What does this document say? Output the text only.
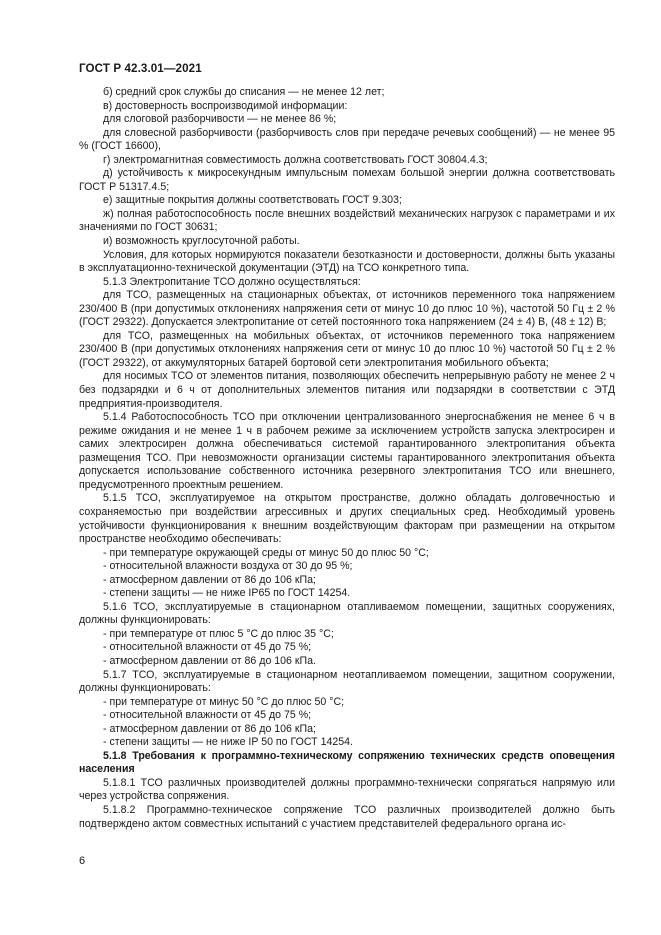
ГОСТ Р 42.3.01—2021

б) средний срок службы до списания — не менее 12 лет;

в) достоверность воспроизводимой информации:

для слоговой разборчивости — не менее 86 %;

для словесной разборчивости (разборчивость слов при передаче речевых сообщений) — не менее 95 % (ГОСТ 16600),

г) электромагнитная совместимость должна соответствовать ГОСТ 30804.4.3;

д) устойчивость к микросекундным импульсным помехам большой энергии должна соответствовать ГОСТ Р 51317.4.5;

е) защитные покрытия должны соответствовать ГОСТ 9.303;

ж) полная работоспособность после внешних воздействий механических нагрузок с параметрами и их значениями по ГОСТ 30631;

и) возможность круглосуточной работы.

Условия, для которых нормируются показатели безотказности и достоверности, должны быть указаны в эксплуатационно-технической документации (ЭТД) на ТСО конкретного типа.

5.1.3 Электропитание ТСО должно осуществляться:

для ТСО, размещенных на стационарных объектах, от источников переменного тока напряжением 230/400 В (при допустимых отклонениях напряжения сети от минус 10 до плюс 10 %), частотой 50 Гц ± 2 % (ГОСТ 29322). Допускается электропитание от сетей постоянного тока напряжением (24 ± 4) В, (48 ± 12) В;

для ТСО, размещенных на мобильных объектах, от источников переменного тока напряжением 230/400 В (при допустимых отклонениях напряжения сети от минус 10 до плюс 10 %) частотой 50 Гц ± 2 % (ГОСТ 29322), от аккумуляторных батарей бортовой сети электропитания мобильного объекта;

для носимых ТСО от элементов питания, позволяющих обеспечить непрерывную работу не менее 2 ч без подзарядки и 6 ч от дополнительных элементов питания или подзарядки в соответствии с ЭТД предприятия-производителя.

5.1.4 Работоспособность ТСО при отключении централизованного энергоснабжения не менее 6 ч в режиме ожидания и не менее 1 ч в рабочем режиме за исключением устройств запуска электросирен и самих электросирен должна обеспечиваться системой гарантированного электропитания объекта размещения ТСО. При невозможности организации системы гарантированного электропитания объекта допускается использование собственного источника резервного электропитания ТСО или внешнего, предусмотренного проектным решением.

5.1.5 ТСО, эксплуатируемое на открытом пространстве, должно обладать долговечностью и сохраняемостью при воздействии агрессивных и других специальных сред. Необходимый уровень устойчивости функционирования к внешним воздействующим факторам при размещении на открытом пространстве необходимо обеспечивать:

- при температуре окружающей среды от минус 50 до плюс 50 °С;

- относительной влажности воздуха от 30 до 95 %;

- атмосферном давлении от 86 до 106 кПа;

- степени защиты — не ниже IP65 по ГОСТ 14254.

5.1.6 ТСО, эксплуатируемые в стационарном отапливаемом помещении, защитных сооружениях, должны функционировать:

- при температуре от плюс 5 °С до плюс 35 °С;

- относительной влажности от 45 до 75 %;

- атмосферном давлении от 86 до 106 кПа.

5.1.7 ТСО, эксплуатируемые в стационарном неотапливаемом помещении, защитном сооружении, должны функционировать:

- при температуре от минус 50 °С до плюс 50 °С;

- относительной влажности от 45 до 75 %;

- атмосферном давлении от 86 до 106 кПа;

- степени защиты — не ниже IP 50 по ГОСТ 14254.

5.1.8 Требования к программно-техническому сопряжению технических средств оповещения населения

5.1.8.1 ТСО различных производителей должны программно-технически сопрягаться напрямую или через устройства сопряжения.

5.1.8.2 Программно-техническое сопряжение ТСО различных производителей должно быть подтверждено актом совместных испытаний с участием представителей федерального органа ис-

6
